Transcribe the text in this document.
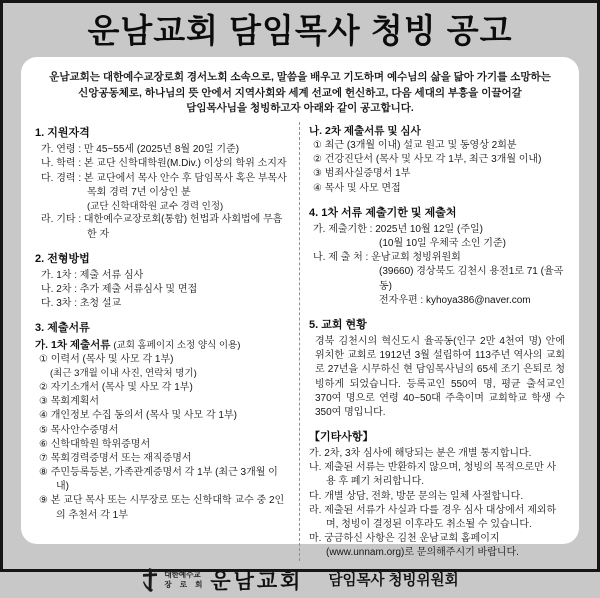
운남교회 담임목사 청빙 공고

운남교회는 대한예수교장로회 경서노회 소속으로, 말씀을 배우고 기도하며 예수님의 삶을 닮아 가기를 소망하는
신앙공동체로, 하나님의 뜻 안에서 지역사회와 세계 선교에 헌신하고, 다음 세대의 부흥을 이끌어갈
담임목사님을 청빙하고자 아래와 같이 공고합니다.

1. 지원자격

가. 연령 : 만 45~55세 (2025년 8월 20일 기준)

나. 학력 : 본 교단 신학대학원(M.Div.) 이상의 학위 소지자

다. 경력 : 본 교단에서 목사 안수 후 담임목사 혹은 부목사 목회 경력 7년 이상인 분

(교단 신학대학원 교수 경력 인정)

라. 기타 : 대한예수교장로회(통합) 헌법과 사회법에 무흠한 자

2. 전형방법

가. 1차 : 제출 서류 심사

나. 2차 : 추가 제출 서류심사 및 면접

다. 3차 : 초청 설교

3. 제출서류

가. 1차 제출서류 (교회 홈페이지 소정 양식 이용)

① 이력서 (목사 및 사모 각 1부)

(최근 3개월 이내 사진, 연락처 명기)

② 자기소개서 (목사 및 사모 각 1부)

③ 목회계획서

④ 개인정보 수집 동의서 (목사 및 사모 각 1부)

⑤ 목사안수증명서

⑥ 신학대학원 학위증명서

⑦ 목회경력증명서 또는 재직증명서

⑧ 주민등록등본, 가족관계증명서 각 1부 (최근 3개월 이내)

⑨ 본 교단 목사 또는 시무장로 또는 신학대학 교수 중 2인의 추천서 각 1부

나. 2차 제출서류 및 심사

① 최근 (3개월 이내) 설교 원고 및 동영상 2회분

② 건강진단서 (목사 및 사모 각 1부, 최근 3개월 이내)

③ 범죄사실증명서 1부

④ 목사 및 사모 면접

4. 1차 서류 제출기한 및 제출처

가. 제출기한 : 2025년 10월 12일 (주일)

(10월 10일 우체국 소인 기준)

나. 제 출 처 : 운남교회 청빙위원회

(39660) 경상북도 김천시 용전1로 71 (율곡동)

전자우편 : kyhoya386@naver.com

5. 교회 현황

경북 김천시의 혁신도시 율곡동(인구 2만 4천여 명) 안에 위치한 교회로 1912년 3월 설립하여 113주년 역사의 교회로 27년을 시무하신 현 담임목사님의 65세 조기 은퇴로 청빙하게 되었습니다. 등록교인 550여 명, 평균 출석교인 370여 명으로 연령 40~50대 주축이며 교회학교 학생 수 350여 명입니다.

【기타사항】

가. 2차, 3차 심사에 해당되는 분은 개별 통지합니다.

나. 제출된 서류는 반환하지 않으며, 청빙의 목적으로만 사용 후 폐기 처리합니다.

다. 개별 상담, 전화, 방문 문의는 일체 사절합니다.

라. 제출된 서류가 사실과 다를 경우 심사 대상에서 제외하며, 청빙이 결정된 이후라도 취소될 수 있습니다.

마. 궁금하신 사항은 김천 운남교회 홈페이지 (www.unnam.org)로 문의해주시기 바랍니다.

대한예수교
장 로 회 운남교회 담임목사 청빙위원회
